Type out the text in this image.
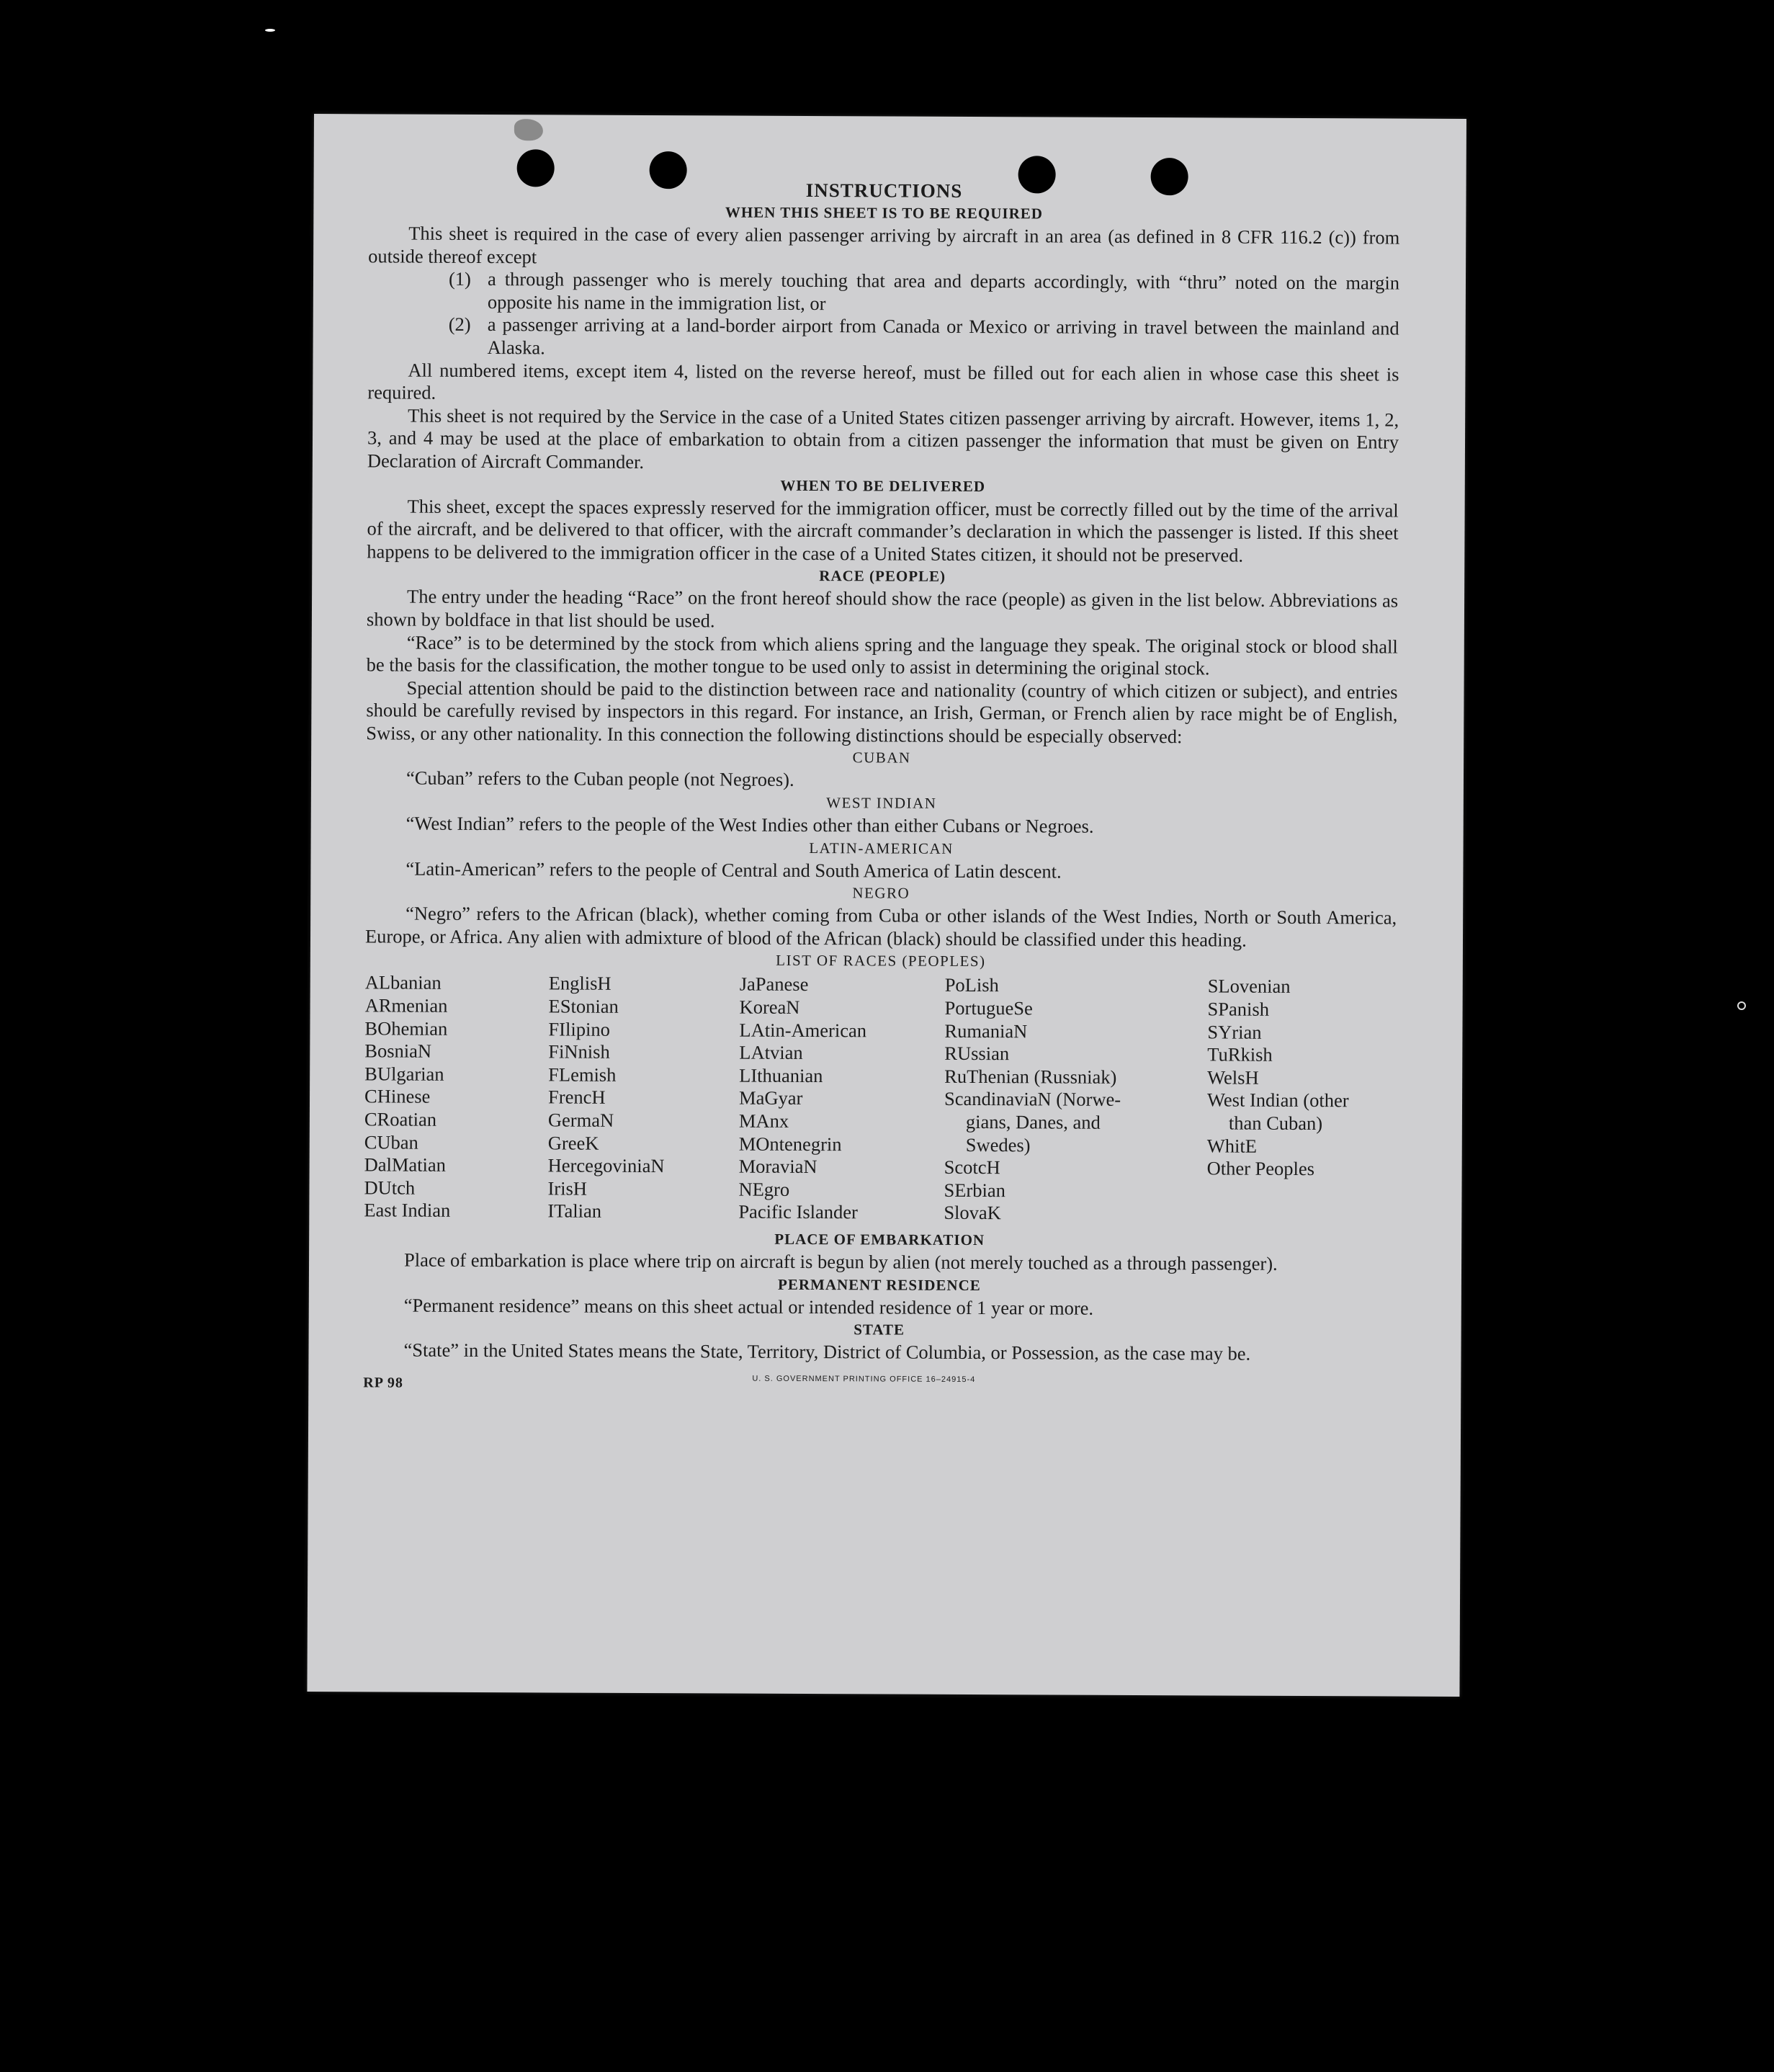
INSTRUCTIONS
WHEN THIS SHEET IS TO BE REQUIRED

This sheet is required in the case of every alien passenger arriving by aircraft in an area (as defined in 8 CFR 116.2 (c)) from outside thereof except

(1) a through passenger who is merely touching that area and departs accordingly, with “thru” noted on the margin opposite his name in the immigration list, or
(2) a passenger arriving at a land-border airport from Canada or Mexico or arriving in travel between the mainland and Alaska.

All numbered items, except item 4, listed on the reverse hereof, must be filled out for each alien in whose case this sheet is required.

This sheet is not required by the Service in the case of a United States citizen passenger arriving by aircraft. However, items 1, 2, 3, and 4 may be used at the place of embarkation to obtain from a citizen passenger the information that must be given on Entry Declaration of Aircraft Commander.

WHEN TO BE DELIVERED

This sheet, except the spaces expressly reserved for the immigration officer, must be correctly filled out by the time of the arrival of the aircraft, and be delivered to that officer, with the aircraft commander’s declaration in which the passenger is listed. If this sheet happens to be delivered to the immigration officer in the case of a United States citizen, it should not be preserved.

RACE (PEOPLE)

The entry under the heading “Race” on the front hereof should show the race (people) as given in the list below. Abbreviations as shown by boldface in that list should be used.

“Race” is to be determined by the stock from which aliens spring and the language they speak. The original stock or blood shall be the basis for the classification, the mother tongue to be used only to assist in determining the original stock.

Special attention should be paid to the distinction between race and nationality (country of which citizen or subject), and entries should be carefully revised by inspectors in this regard. For instance, an Irish, German, or French alien by race might be of English, Swiss, or any other nationality. In this connection the following distinctions should be especially observed:

CUBAN

“Cuban” refers to the Cuban people (not Negroes).

WEST INDIAN

“West Indian” refers to the people of the West Indies other than either Cubans or Negroes.

LATIN-AMERICAN

“Latin-American” refers to the people of Central and South America of Latin descent.

NEGRO

“Negro” refers to the African (black), whether coming from Cuba or other islands of the West Indies, North or South America, Europe, or Africa. Any alien with admixture of blood of the African (black) should be classified under this heading.

LIST OF RACES (PEOPLES)
ALbanian
ARmenian
BOhemian
BosniaN
BUlgarian
CHinese
CRoatian
CUban
DalMatian
DUtch
East Indian
EnglisH
EStonian
FIlipino
FiNnish
FLemish
FrencH
GermaN
GreeK
HercegoviniaN
IrisH
ITalian
JaPanese
KoreaN
LAtin-American
LAtvian
LIthuanian
MaGyar
MAnx
MOntenegrin
MoraviaN
NEgro
Pacific Islander
PoLish
PortugueSe
RumaniaN
RUssian
RuThenian (Russniak)
ScandinaviaN (Norwe-
gians, Danes, and
Swedes)
ScotcH
SErbian
SlovaK
SLovenian
SPanish
SYrian
TuRkish
WelsH
West Indian (other
than Cuban)
WhitE
Other Peoples
PLACE OF EMBARKATION

Place of embarkation is place where trip on aircraft is begun by alien (not merely touched as a through passenger).

PERMANENT RESIDENCE

“Permanent residence” means on this sheet actual or intended residence of 1 year or more.

STATE

“State” in the United States means the State, Territory, District of Columbia, or Possession, as the case may be.

RP 98	U. S. GOVERNMENT PRINTING OFFICE 16–24915-4
